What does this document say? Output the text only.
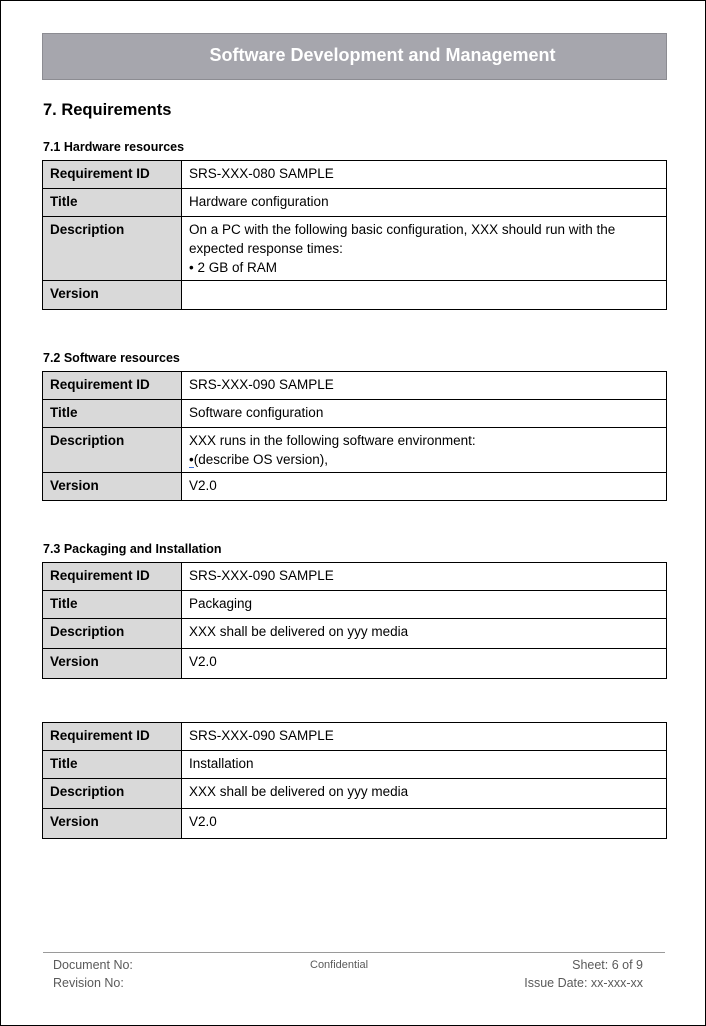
Software Development and Management
7. Requirements
7.1 Hardware resources
Requirement ID	SRS-XXX-080 SAMPLE
Title	Hardware configuration
Description	On a PC with the following basic configuration, XXX should run with the expected response times:
• 2 GB of RAM

Version	
7.2 Software resources
Requirement ID	SRS-XXX-090 SAMPLE
Title	Software configuration
Description	XXX runs in the following software environment:
•(describe OS version),

Version	V2.0
7.3 Packaging and Installation
Requirement ID	SRS-XXX-090 SAMPLE
Title	Packaging
Description	XXX shall be delivered on yyy media
Version	V2.0
Requirement ID	SRS-XXX-090 SAMPLE
Title	Installation
Description	XXX shall be delivered on yyy media
Version	V2.0
Document No:
Revision No:
Confidential	Sheet: 6 of 9
Issue Date: xx-xxx-xx
